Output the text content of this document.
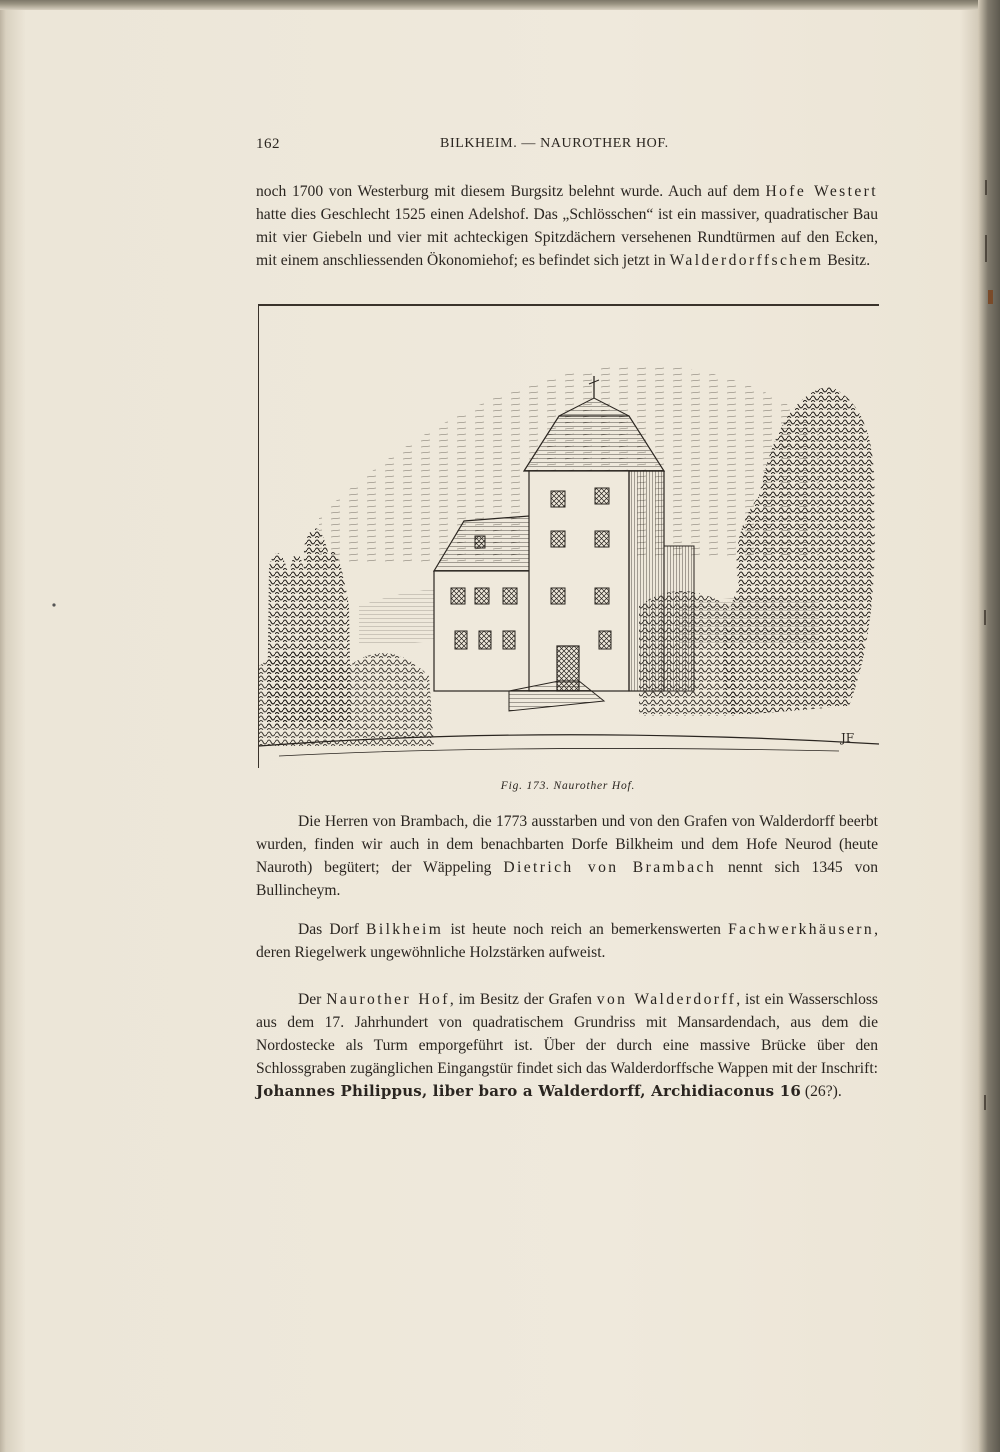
162	BILKHEIM. — NAUROTHER HOF.

noch 1700 von Westerburg mit diesem Burgsitz belehnt wurde. Auch auf dem Hofe Westert hatte dies Geschlecht 1525 einen Adelshof. Das „Schlösschen“ ist ein massiver, quadratischer Bau mit vier Giebeln und vier mit achteckigen Spitzdächern versehenen Rundtürmen auf den Ecken, mit einem anschliessenden Ökonomiehof; es befindet sich jetzt in Walderdorffschem Besitz.

JF
Fig. 173. Naurother Hof.

Die Herren von Brambach, die 1773 ausstarben und von den Grafen von Walderdorff beerbt wurden, finden wir auch in dem benachbarten Dorfe Bilkheim und dem Hofe Neurod (heute Nauroth) begütert; der Wäppeling Dietrich von Brambach nennt sich 1345 von Bullincheym.

Das Dorf Bilkheim ist heute noch reich an bemerkenswerten Fachwerkhäusern, deren Riegelwerk ungewöhnliche Holzstärken aufweist.

Der Naurother Hof, im Besitz der Grafen von Walderdorff, ist ein Wasserschloss aus dem 17. Jahrhundert von quadratischem Grundriss mit Mansardendach, aus dem die Nordostecke als Turm emporgeführt ist. Über der durch eine massive Brücke über den Schlossgraben zugänglichen Eingangstür findet sich das Walderdorffsche Wappen mit der Inschrift: Johannes Philippus, liber baro a Walderdorff, Archidiaconus 16 (26?).
